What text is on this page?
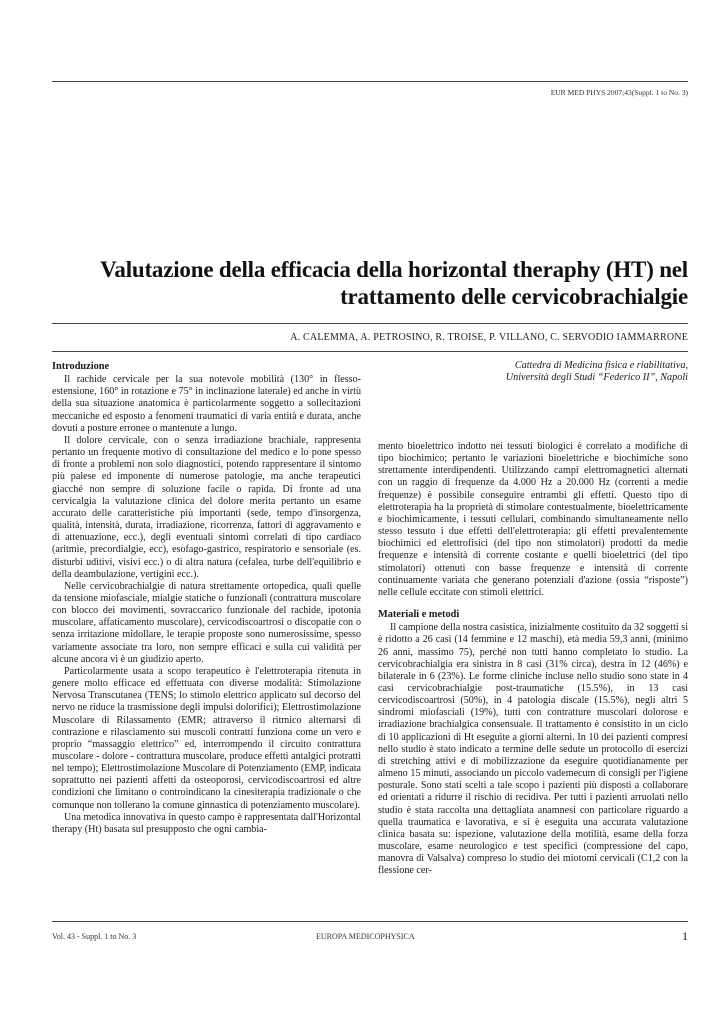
EUR MED PHYS 2007;43(Suppl. 1 to No. 3)
Valutazione della efficacia della horizontal theraphy (HT) nel
trattamento delle cervicobrachialgie
A. CALEMMA, A. PETROSINO, R. TROISE, P. VILLANO, C. SERVODIO IAMMARRONE
Cattedra di Medicina fisica e riabilitativa,
Università degli Studi “Federico II”, Napoli
Introduzione

Il rachide cervicale per la sua notevole mobilità (130° in flesso-estensione, 160° in rotazione e 75° in inclinazione laterale) ed anche in virtù della sua situazione anatomica è particolarmente soggetto a sollecitazioni meccaniche ed esposto a fenomeni traumatici di varia entità e durata, anche dovuti a posture erronee o mantenute a lungo.

Il dolore cervicale, con o senza irradiazione brachiale, rappresenta pertanto un frequente motivo di consultazione del medico e lo pone spesso di fronte a problemi non solo diagnostici, potendo rappresentare il sintomo più palese ed imponente di numerose patologie, ma anche terapeutici giacché non sempre di soluzione facile o rapida. Di fronte ad una cervicalgia la valutazione clinica del dolore merita pertanto un esame accurato delle caratteristiche più importanti (sede, tempo d'insorgenza, qualità, intensità, durata, irradiazione, ricorrenza, fattori di aggravamento e di attenuazione, ecc.), degli eventuali sintomi correlati di tipo cardiaco (aritmie, precordialgie, ecc), esofago-gastrico, respiratorio e sensoriale (es. disturbi uditivi, visivi ecc.) o di altra natura (cefalea, turbe dell'equilibrio e della deambulazione, vertigini ecc.).

Nelle cervicobrachialgie di natura strettamente ortopedica, quali quelle da tensione miofasciale, mialgie statiche o funzionali (contrattura muscolare con blocco dei movimenti, sovraccarico funzionale del rachide, ipotonia muscolare, affaticamento muscolare), cervicodiscoartrosi o discopatie con o senza irritazione midollare, le terapie proposte sono numerosissime, spesso variamente associate tra loro, non sempre efficaci e sulla cui validità per alcune ancora vi è un giudizio aperto.

Particolarmente usata a scopo terapeutico è l'elettroterapia ritenuta in genere molto efficace ed effettuata con diverse modalità: Stimolazione Nervosa Transcutanea (TENS; lo stimolo elettrico applicato sul decorso del nervo ne riduce la trasmissione degli impulsi dolorifici); Elettrostimolazione Muscolare di Rilassamento (EMR; attraverso il ritmico alternarsi di contrazione e rilasciamento sui muscoli contratti funziona come un vero e proprio “massaggio elettrico” ed, interrompendo il circuito contrattura muscolare - dolore - contrattura muscolare, produce effetti antalgici protratti nel tempo); Elettrostimolazione Muscolare di Potenziamento (EMP, indicata soprattutto nei pazienti affetti da osteoporosi, cervicodiscoartrosi ed altre condizioni che limitano o controindicano la cinesiterapia tradizionale o che comunque non tollerano la comune ginnastica di potenziamento muscolare).

Una metodica innovativa in questo campo è rappresentata dall'Horizontal therapy (Ht) basata sul presupposto che ogni cambia-

mento bioelettrico indotto nei tessuti biologici è correlato a modifiche di tipo biochimico; pertanto le variazioni bioelettriche e biochimiche sono strettamente interdipendenti. Utilizzando campi elettromagnetici alternati con un raggio di frequenze da 4.000 Hz a 20.000 Hz (correnti a medie frequenze) è possibile conseguire entrambi gli effetti. Questo tipo di elettroterapia ha la proprietà di stimolare contestualmente, bioelettricamente e biochimicamente, i tessuti cellulari, combinando simultaneamente nello stesso tessuto i due effetti dell'elettroterapia: gli effetti prevalentemente biochimici ed elettrofisici (del tipo non stimolatori) prodotti da medie frequenze e intensità di corrente costante e quelli bioelettrici (del tipo stimolatori) ottenuti con basse frequenze e intensità di corrente continuamente variata che generano potenziali d'azione (ossia “risposte”) nelle cellule eccitate con stimoli elettrici.

Materiali e metodi

Il campione della nostra casistica, inizialmente costituito da 32 soggetti si è ridotto a 26 casi (14 femmine e 12 maschi), età media 59,3 anni, (minimo 26 anni, massimo 75), perché non tutti hanno completato lo studio. La cervicobrachialgia era sinistra in 8 casi (31% circa), destra in 12 (46%) e bilaterale in 6 (23%). Le forme cliniche incluse nello studio sono state in 4 casi cervicobrachialgie post-traumatiche (15.5%), in 13 casi cervicodiscoartrosi (50%), in 4 patologia discale (15.5%), negli altri 5 sindromi miofasciali (19%), tutti con contratture muscolari dolorose e irradiazione brachialgica consensuale. Il trattamento è consistito in un ciclo di 10 applicazioni di Ht eseguite a giorni alterni. In 10 dei pazienti compresi nello studio è stato indicato a termine delle sedute un protocollo di esercizi di stretching attivi e di mobilizzazione da eseguire quotidianamente per almeno 15 minuti, associando un piccolo vademecum di consigli per l'igiene posturale. Sono stati scelti a tale scopo i pazienti più disposti a collaborare ed orientati a ridurre il rischio di recidiva. Per tutti i pazienti arruolati nello studio è stata raccolta una dettagliata anamnesi con particolare riguardo a quella traumatica e lavorativa, e si è eseguita una accurata valutazione clinica basata su: ispezione, valutazione della motilità, esame della forza muscolare, esame neurologico e test specifici (compressione del capo, manovra di Valsalva) compreso lo studio dei miotomi cervicali (C1,2 con la flessione cer-

Vol. 43 - Suppl. 1 to No. 3	EUROPA MEDICOPHYSICA	1
